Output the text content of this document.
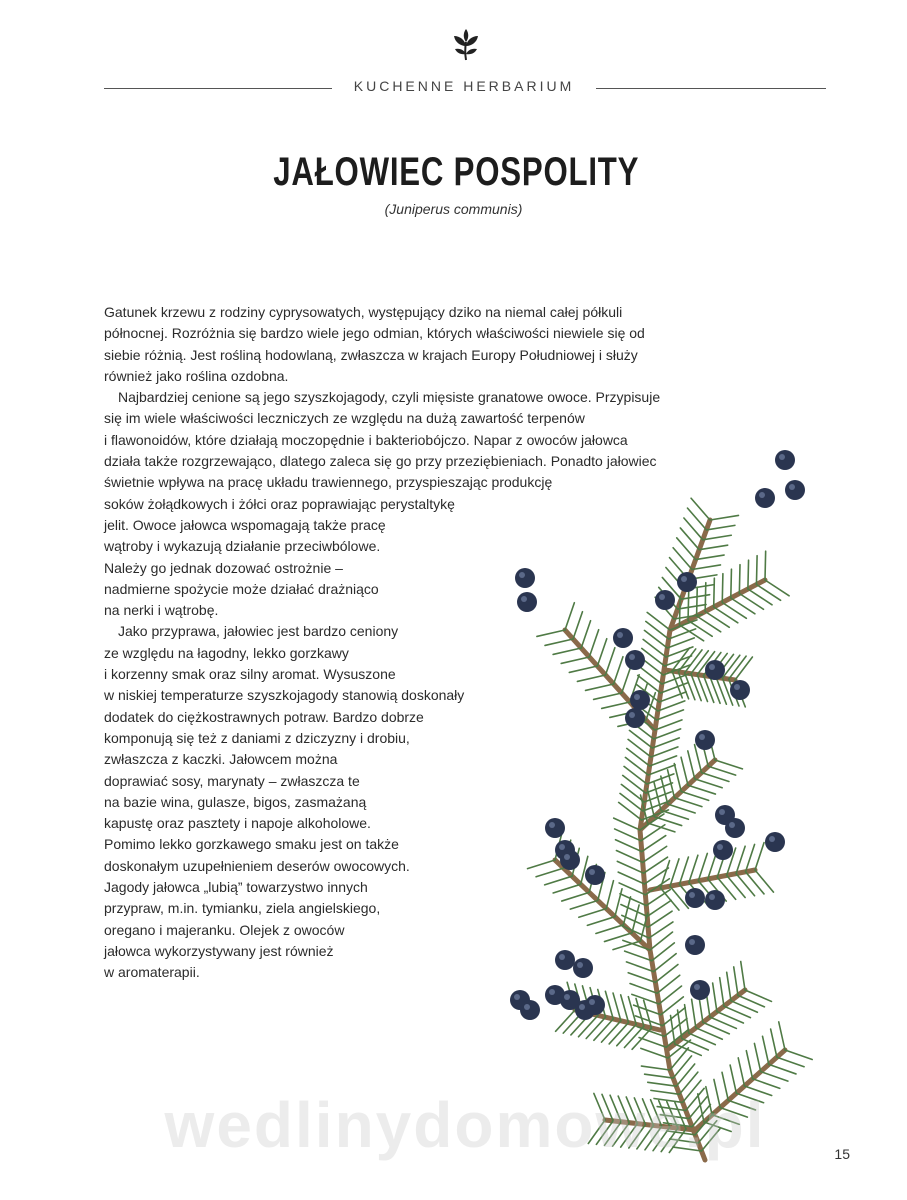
KUCHENNE HERBARIUM
JAŁOWIEC POSPOLITY
(Juniperus communis)
Gatunek krzewu z rodziny cyprysowatych, występujący dziko na niemal całej półkuli
północnej. Rozróżnia się bardzo wiele jego odmian, których właściwości niewiele się od
siebie różnią. Jest rośliną hodowlaną, zwłaszcza w krajach Europy Południowej i służy
również jako roślina ozdobna.
Najbardziej cenione są jego szyszkojagody, czyli mięsiste granatowe owoce. Przypisuje
się im wiele właściwości leczniczych ze względu na dużą zawartość terpenów
i flawonoidów, które działają moczopędnie i bakteriobójczo. Napar z owoców jałowca
działa także rozgrzewająco, dlatego zaleca się go przy przeziębieniach. Ponadto jałowiec
świetnie wpływa na pracę układu trawiennego, przyspieszając produkcję
soków żołądkowych i żółci oraz poprawiając perystaltykę
jelit. Owoce jałowca wspomagają także pracę
wątroby i wykazują działanie przeciwbólowe.
Należy go jednak dozować ostrożnie –
nadmierne spożycie może działać drażniąco
na nerki i wątrobę.
Jako przyprawa, jałowiec jest bardzo ceniony
ze względu na łagodny, lekko gorzkawy
i korzenny smak oraz silny aromat. Wysuszone
w niskiej temperaturze szyszkojagody stanowią doskonały
dodatek do ciężkostrawnych potraw. Bardzo dobrze
komponują się też z daniami z dziczyzny i drobiu,
zwłaszcza z kaczki. Jałowcem można
doprawiać sosy, marynaty – zwłaszcza te
na bazie wina, gulasze, bigos, zasmażaną
kapustę oraz pasztety i napoje alkoholowe.
Pomimo lekko gorzkawego smaku jest on także
doskonałym uzupełnieniem deserów owocowych.
Jagody jałowca „lubią” towarzystwo innych
przypraw, m.in. tymianku, ziela angielskiego,
oregano i majeranku. Olejek z owoców
jałowca wykorzystywany jest również
w aromaterapii.
wedlinydomowe.pl	15
